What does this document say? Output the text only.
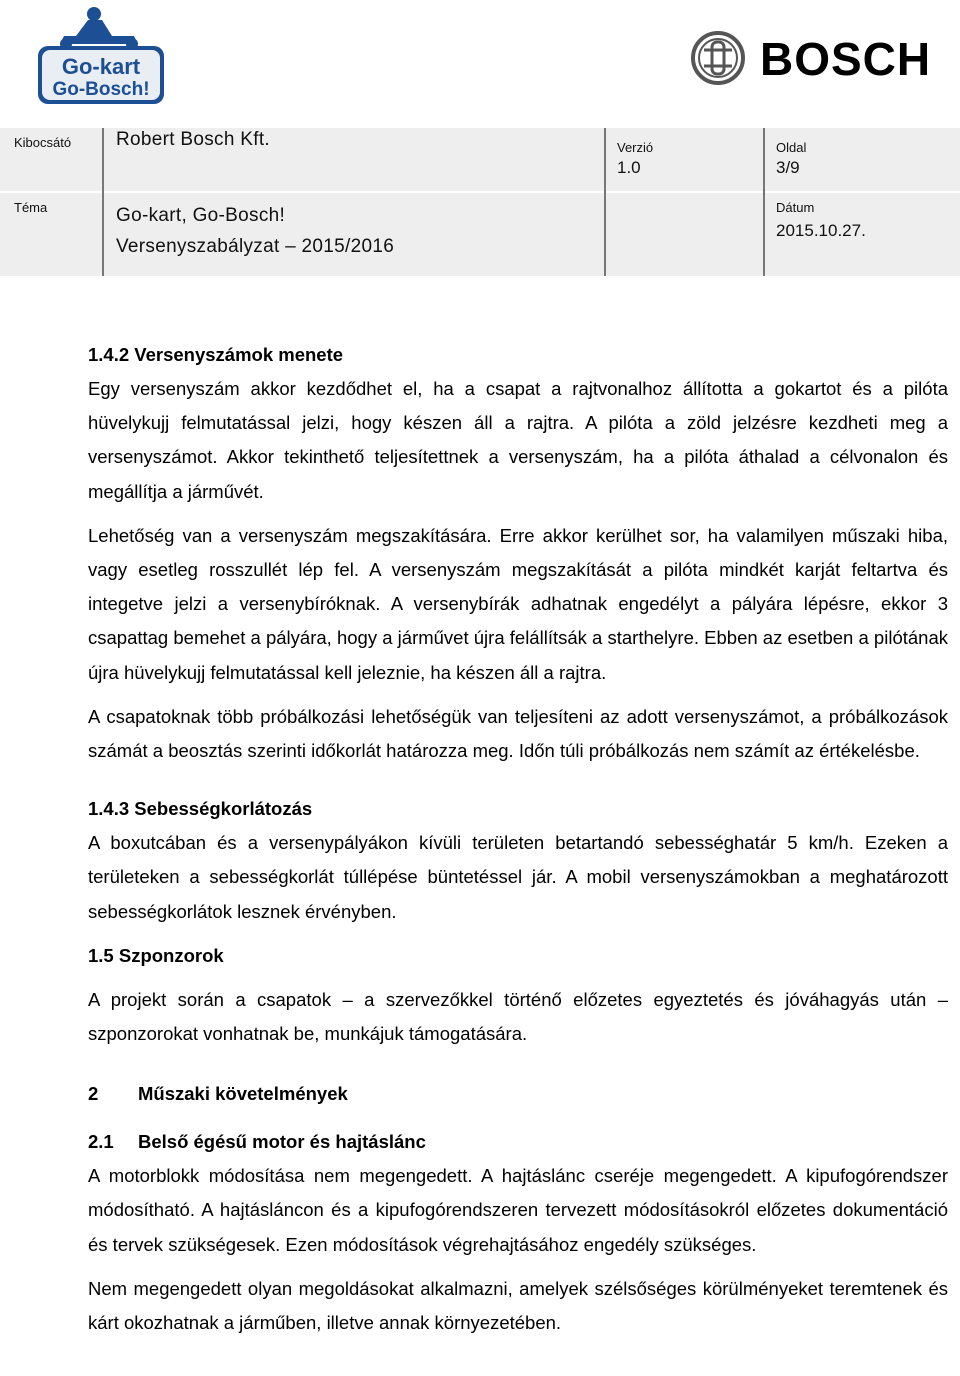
Go-kart
Go-Bosch!
BOSCH
Kibocsátó Robert Bosch Kft.	Verzió
1.0
Oldal
3/9
Téma	Go-kart, Go-Bosch!
Versenyszabályzat – 2015/2016
Dátum
2015.10.27.
1.4.2 Versenyszámok menete

Egy versenyszám akkor kezdődhet el, ha a csapat a rajtvonalhoz állította a gokartot és a pilóta hüvelykujj felmutatással jelzi, hogy készen áll a rajtra. A pilóta a zöld jelzésre kezdheti meg a versenyszámot. Akkor tekinthető teljesítettnek a versenyszám, ha a pilóta áthalad a célvonalon és megállítja a járművét.

Lehetőség van a versenyszám megszakítására. Erre akkor kerülhet sor, ha valamilyen műszaki hiba, vagy esetleg rosszullét lép fel. A versenyszám megszakítását a pilóta mindkét karját feltartva és integetve jelzi a versenybíróknak. A versenybírák adhatnak engedélyt a pályára lépésre, ekkor 3 csapattag bemehet a pályára, hogy a járművet újra felállítsák a starthelyre. Ebben az esetben a pilótának újra hüvelykujj felmutatással kell jeleznie, ha készen áll a rajtra.

A csapatoknak több próbálkozási lehetőségük van teljesíteni az adott versenyszámot, a próbálkozások számát a beosztás szerinti időkorlát határozza meg. Időn túli próbálkozás nem számít az értékelésbe.

1.4.3 Sebességkorlátozás

A boxutcában és a versenypályákon kívüli területen betartandó sebességhatár 5 km/h. Ezeken a területeken a sebességkorlát túllépése büntetéssel jár. A mobil versenyszámokban a meghatározott sebességkorlátok lesznek érvényben.

1.5 Szponzorok

A projekt során a csapatok – a szervezőkkel történő előzetes egyeztetés és jóváhagyás után – szponzorokat vonhatnak be, munkájuk támogatására.

2 Műszaki követelmények
2.1 Belső égésű motor és hajtáslánc

A motorblokk módosítása nem megengedett. A hajtáslánc cseréje megengedett. A kipufogórendszer módosítható. A hajtásláncon és a kipufogórendszeren tervezett módosításokról előzetes dokumentáció és tervek szükségesek. Ezen módosítások végrehajtásához engedély szükséges.

Nem megengedett olyan megoldásokat alkalmazni, amelyek szélsőséges körülményeket teremtenek és kárt okozhatnak a járműben, illetve annak környezetében.
